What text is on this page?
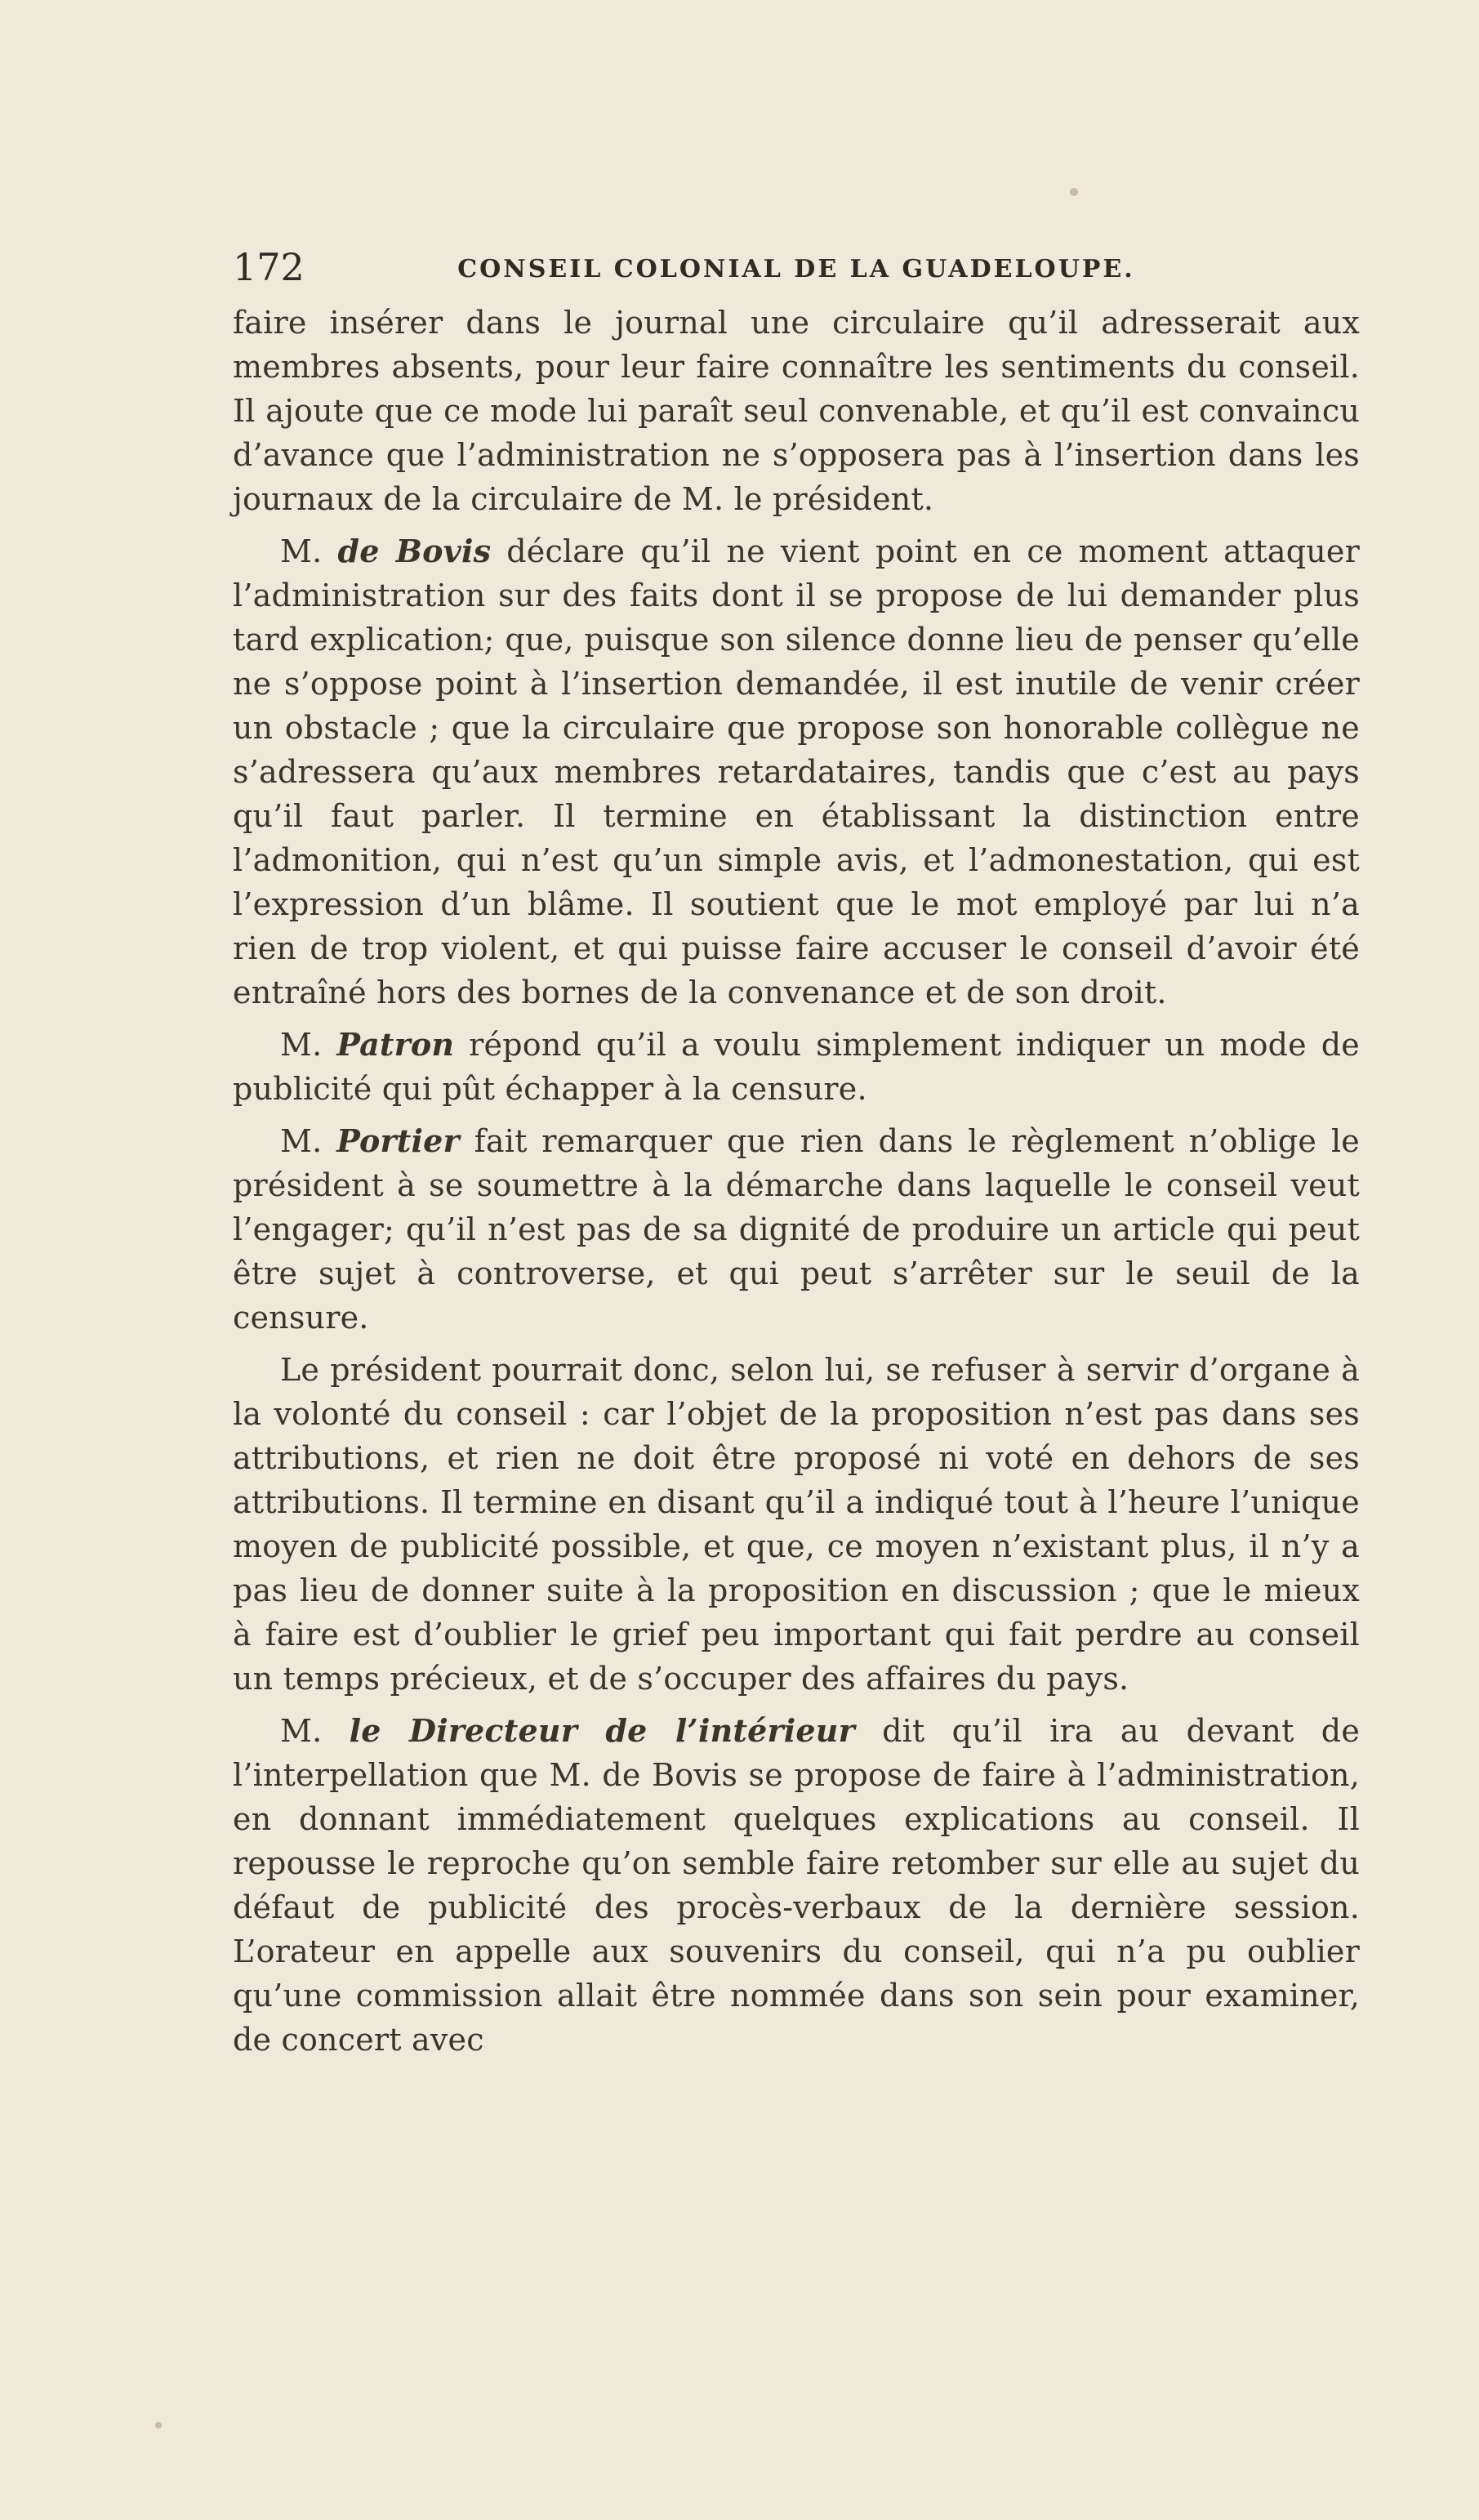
172	CONSEIL COLONIAL DE LA GUADELOUPE.

faire insérer dans le journal une circulaire qu’il adresserait aux membres absents, pour leur faire connaître les sentiments du conseil. Il ajoute que ce mode lui paraît seul convenable, et qu’il est convaincu d’avance que l’administration ne s’opposera pas à l’insertion dans les journaux de la circulaire de M. le président.

M. de Bovis déclare qu’il ne vient point en ce moment attaquer l’administration sur des faits dont il se propose de lui demander plus tard explication; que, puisque son silence donne lieu de penser qu’elle ne s’oppose point à l’insertion demandée, il est inutile de venir créer un obstacle ; que la circulaire que propose son honorable collègue ne s’adressera qu’aux membres retardataires, tandis que c’est au pays qu’il faut parler. Il termine en établissant la distinction entre l’admonition, qui n’est qu’un simple avis, et l’admonestation, qui est l’expression d’un blâme. Il soutient que le mot employé par lui n’a rien de trop violent, et qui puisse faire accuser le conseil d’avoir été entraîné hors des bornes de la convenance et de son droit.

M. Patron répond qu’il a voulu simplement indiquer un mode de publicité qui pût échapper à la censure.

M. Portier fait remarquer que rien dans le règlement n’oblige le président à se soumettre à la démarche dans laquelle le conseil veut l’engager; qu’il n’est pas de sa dignité de produire un article qui peut être sujet à controverse, et qui peut s’arrêter sur le seuil de la censure.

Le président pourrait donc, selon lui, se refuser à servir d’organe à la volonté du conseil : car l’objet de la proposition n’est pas dans ses attributions, et rien ne doit être proposé ni voté en dehors de ses attributions. Il termine en disant qu’il a indiqué tout à l’heure l’unique moyen de publicité possible, et que, ce moyen n’existant plus, il n’y a pas lieu de donner suite à la proposition en discussion ; que le mieux à faire est d’oublier le grief peu important qui fait perdre au conseil un temps précieux, et de s’occuper des affaires du pays.

M. le Directeur de l’intérieur dit qu’il ira au devant de l’interpellation que M. de Bovis se propose de faire à l’administration, en donnant immédiatement quelques explications au conseil. Il repousse le reproche qu’on semble faire retomber sur elle au sujet du défaut de publicité des procès-verbaux de la dernière session. L’orateur en appelle aux souvenirs du conseil, qui n’a pu oublier qu’une commission allait être nommée dans son sein pour examiner, de concert avec
